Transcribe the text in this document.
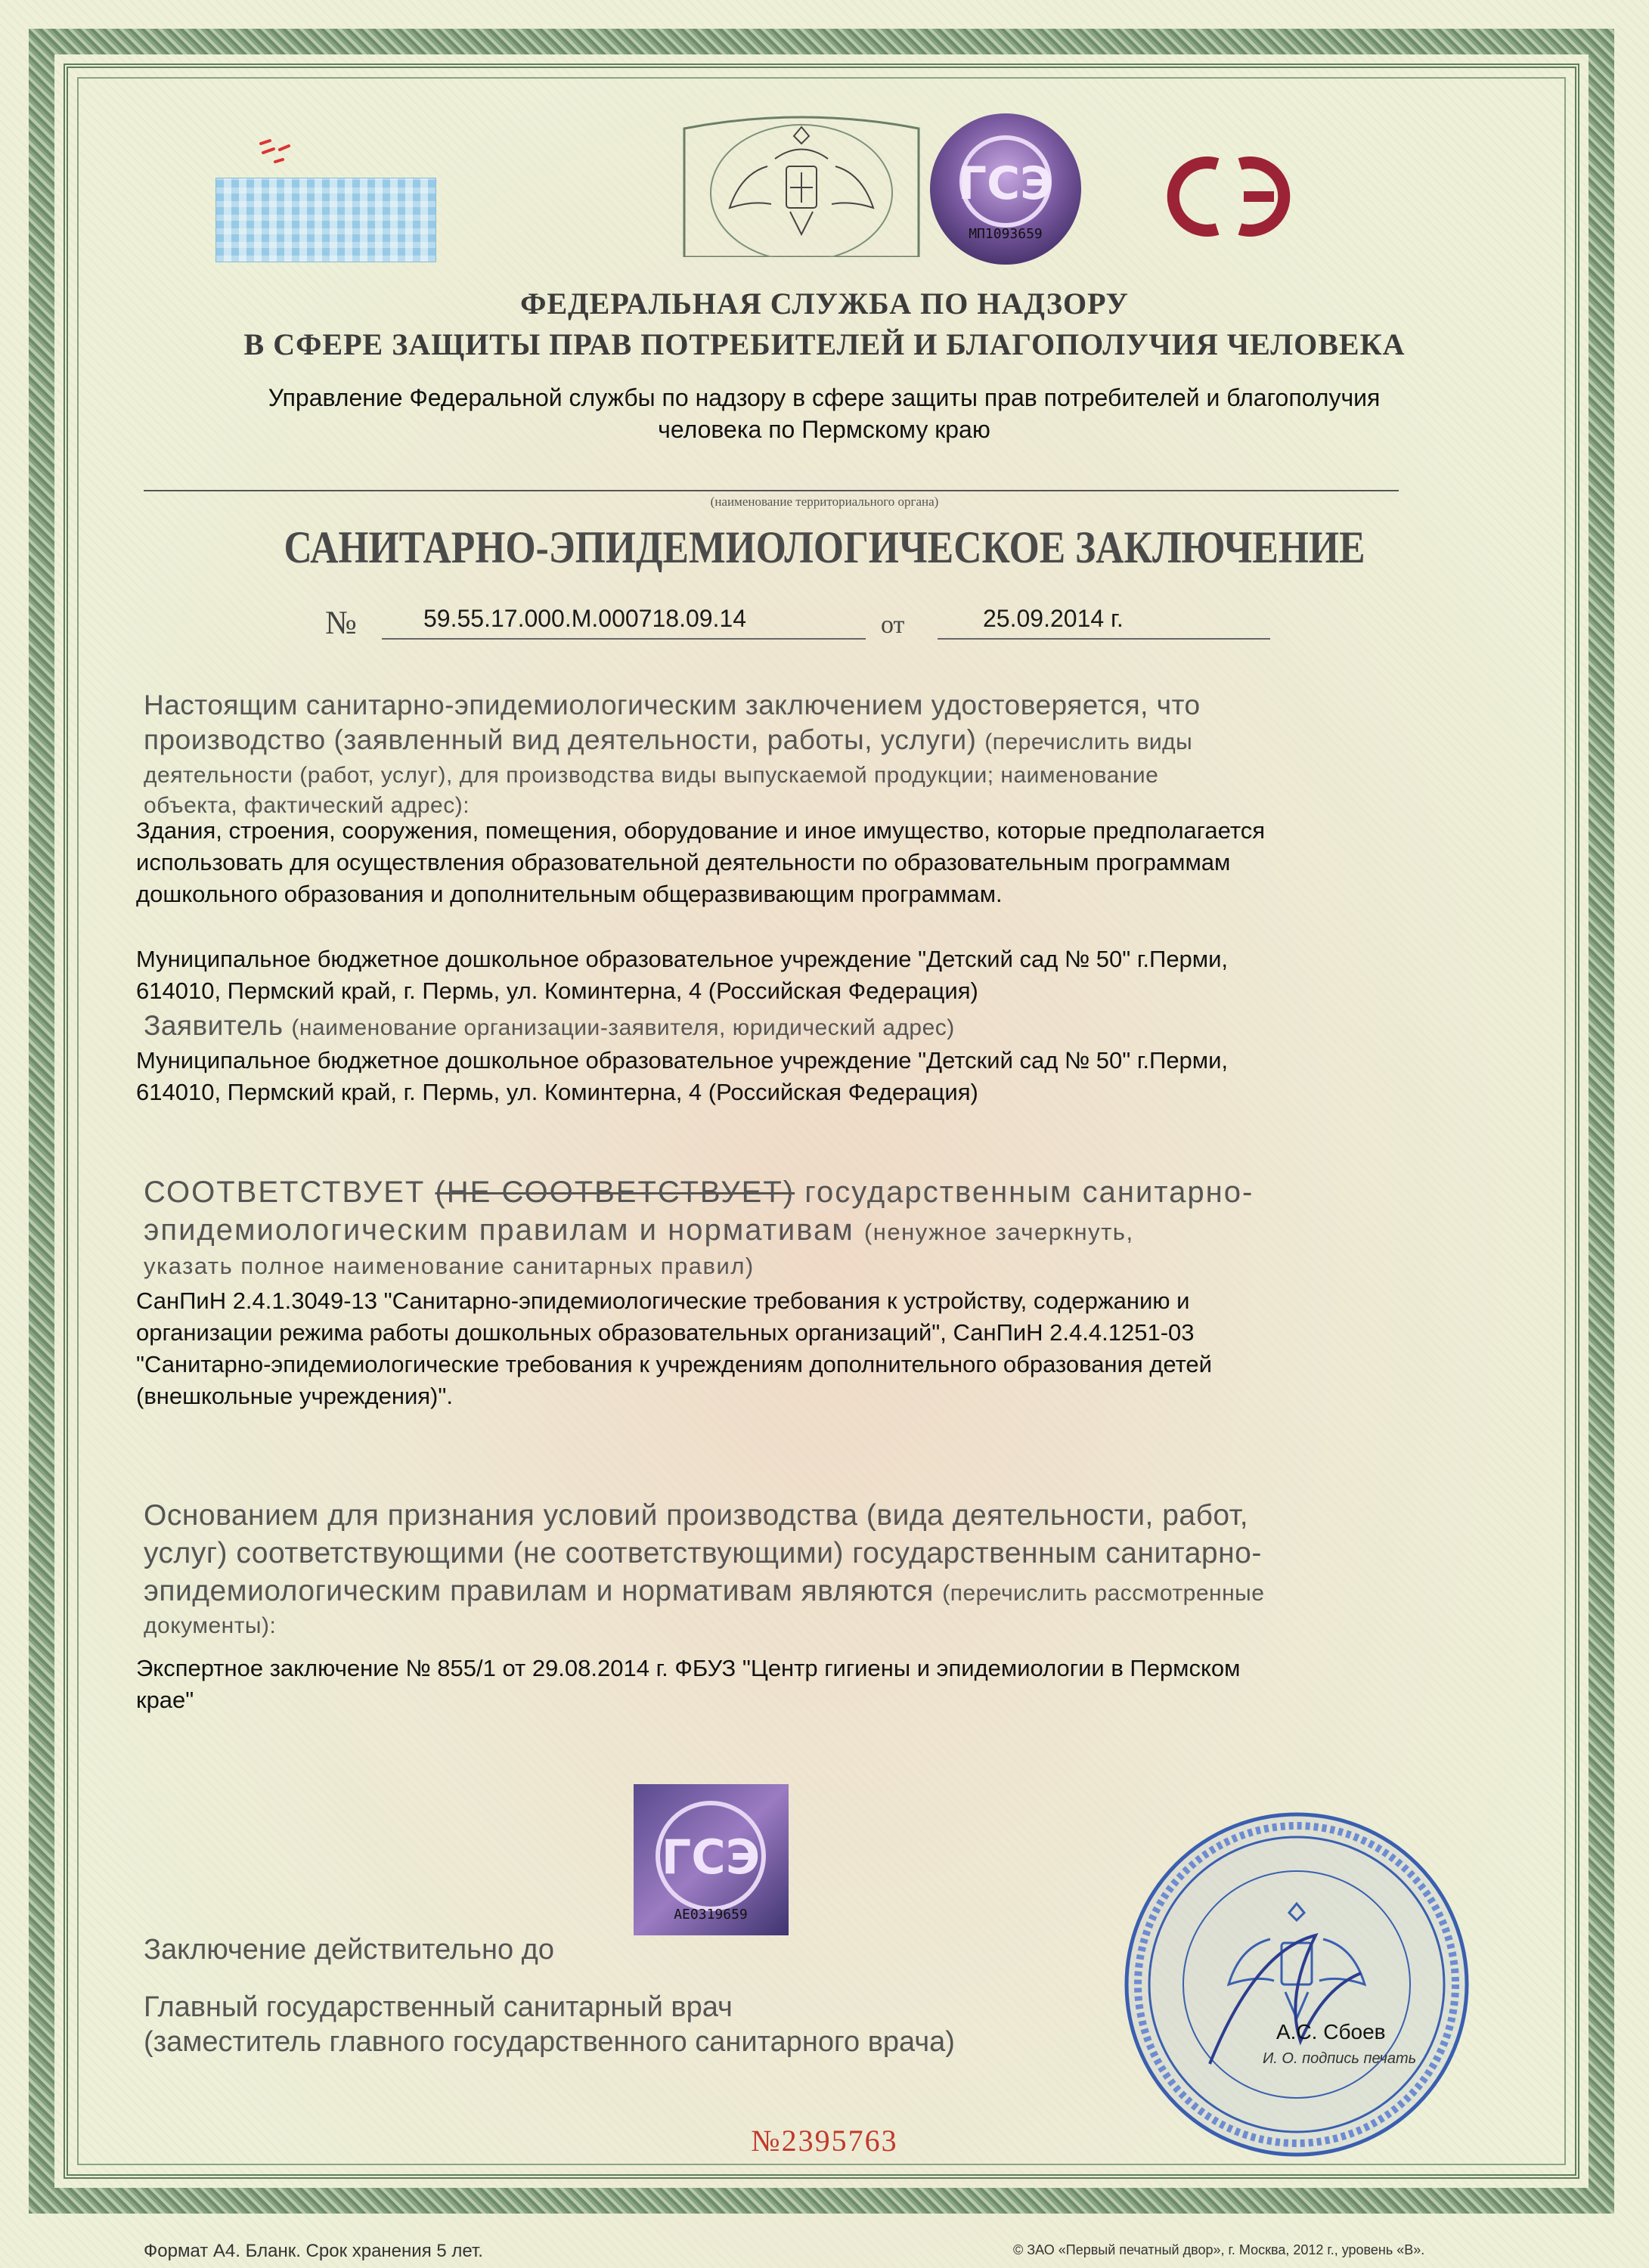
ГСЭ
МП1093659
СЭ
ФЕДЕРАЛЬНАЯ СЛУЖБА ПО НАДЗОРУ
В СФЕРЕ ЗАЩИТЫ ПРАВ ПОТРЕБИТЕЛЕЙ И БЛАГОПОЛУЧИЯ ЧЕЛОВЕКА
Управление Федеральной службы по надзору в сфере защиты прав потребителей и благополучия
человека по Пермскому краю
(наименование территориального органа)
САНИТАРНО-ЭПИДЕМИОЛОГИЧЕСКОЕ ЗАКЛЮЧЕНИЕ
№	59.55.17.000.М.000718.09.14	от	25.09.2014 г.
Настоящим санитарно-эпидемиологическим заключением удостоверяется, что
производство (заявленный вид деятельности, работы, услуги) (перечислить виды
деятельности (работ, услуг), для производства виды выпускаемой продукции; наименование
объекта, фактический адрес):
Здания, строения, сооружения, помещения, оборудование и иное имущество, которые предполагается
использовать для осуществления образовательной деятельности по образовательным программам
дошкольного образования и дополнительным общеразвивающим программам.
Муниципальное бюджетное дошкольное образовательное учреждение "Детский сад № 50" г.Перми,
614010, Пермский край, г. Пермь, ул. Коминтерна, 4 (Российская Федерация)
Заявитель (наименование организации-заявителя, юридический адрес)
Муниципальное бюджетное дошкольное образовательное учреждение "Детский сад № 50" г.Перми,
614010, Пермский край, г. Пермь, ул. Коминтерна, 4 (Российская Федерация)
СООТВЕТСТВУЕТ (НЕ СООТВЕТСТВУЕТ) государственным санитарно-
эпидемиологическим правилам и нормативам (ненужное зачеркнуть,
указать полное наименование санитарных правил)
СанПиН 2.4.1.3049-13 "Санитарно-эпидемиологические требования к устройству, содержанию и
организации режима работы дошкольных образовательных организаций", СанПиН 2.4.4.1251-03
"Санитарно-эпидемиологические требования к учреждениям дополнительного образования детей
(внешкольные учреждения)".
Основанием для признания условий производства (вида деятельности, работ,
услуг) соответствующими (не соответствующими) государственным санитарно-
эпидемиологическим правилам и нормативам являются (перечислить рассмотренные
документы):
Экспертное заключение № 855/1 от 29.08.2014 г. ФБУЗ "Центр гигиены и эпидемиологии в Пермском
крае"
ГСЭ
АЕ0319659
Заключение действительно до
Главный государственный санитарный врач
(заместитель главного государственного санитарного врача)	А.С. Сбоев
И. О. подпись печать
№2395763
Формат А4. Бланк. Срок хранения 5 лет.	© ЗАО «Первый печатный двор», г. Москва, 2012 г., уровень «В».
